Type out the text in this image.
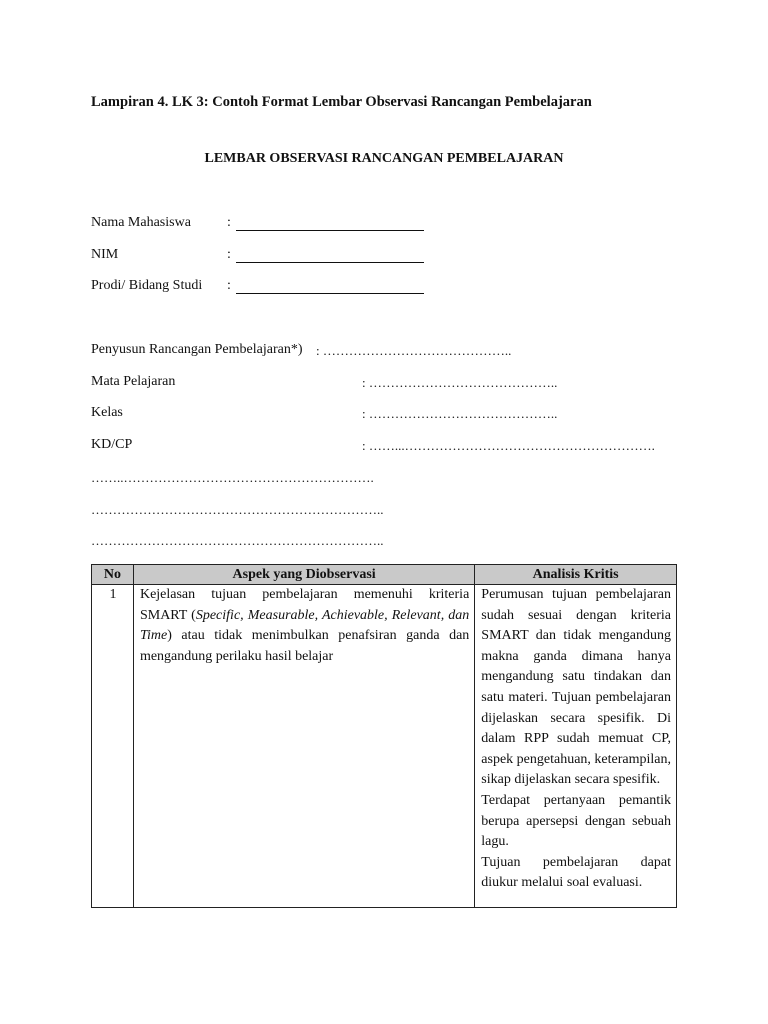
Lampiran 4. LK 3: Contoh Format Lembar Observasi Rancangan Pembelajaran
LEMBAR OBSERVASI RANCANGAN PEMBELAJARAN
Nama Mahasiswa	:
NIM	:
Prodi/ Bidang Studi :
Penyusun Rancangan Pembelajaran*) : ……………………………………..
Mata Pelajaran	: ……………………………………..
Kelas	: ……………………………………..
KD/CP	: ……...………………………………………………….
……..………………………………………………….
…………………………………………………………..
…………………………………………………………..
No	Aspek yang Diobservasi	Analisis Kritis

1	Kejelasan tujuan pembelajaran memenuhi kriteria SMART (Specific, Measurable, Achievable, Relevant, dan Time) atau tidak menimbulkan penafsiran ganda dan mengandung perilaku hasil belajar	Perumusan tujuan pembelajaran sudah sesuai dengan kriteria SMART dan tidak mengandung makna ganda dimana hanya mengandung satu tindakan dan satu materi. Tujuan pembelajaran dijelaskan secara spesifik. Di dalam RPP sudah memuat CP, aspek pengetahuan, keterampilan, sikap dijelaskan secara spesifik.

Terdapat pertanyaan pemantik berupa apersepsi dengan sebuah lagu.

Tujuan pembelajaran dapat diukur melalui soal evaluasi.
